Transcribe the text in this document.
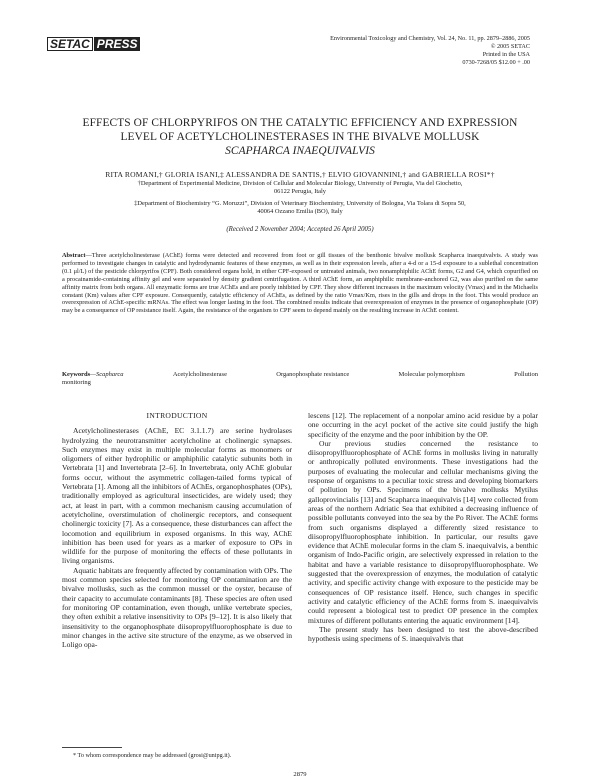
SETAC PRESS	Environmental Toxicology and Chemistry, Vol. 24, No. 11, pp. 2879–2886, 2005
© 2005 SETAC
Printed in the USA
0730-7268/05 $12.00 + .00
EFFECTS OF CHLORPYRIFOS ON THE CATALYTIC EFFICIENCY AND EXPRESSION
LEVEL OF ACETYLCHOLINESTERASES IN THE BIVALVE MOLLUSK
SCAPHARCA INAEQUIVALVIS
RITA ROMANI,† GLORIA ISANI,‡ ALESSANDRA DE SANTIS,† ELVIO GIOVANNINI,† and GABRIELLA ROSI*†
†Department of Experimental Medicine, Division of Cellular and Molecular Biology, University of Perugia, Via del Giochetto,
06122 Perugia, Italy
‡Department of Biochemistry “G. Moruzzi”, Division of Veterinary Biochemistry, University of Bologna, Via Tolara di Sopra 50,
40064 Ozzano Emilia (BO), Italy
(Received 2 November 2004; Accepted 26 April 2005)
Abstract—Three acetylcholinesterase (AChE) forms were detected and recovered from foot or gill tissues of the benthonic bivalve mollusk Scapharca inaequivalvis. A study was performed to investigate changes in catalytic and hydrodynamic features of these enzymes, as well as in their expression levels, after a 4-d or a 15-d exposure to a sublethal concentration (0.1 μl/L) of the pesticide chlorpyrifos (CPF). Both considered organs hold, in either CPF-exposed or untreated animals, two nonamphiphilic AChE forms, G2 and G4, which copurified on a procainamide-containing affinity gel and were separated by density gradient centrifugation. A third AChE form, an amphiphilic membrane-anchored G2, was also purified on the same affinity matrix from both organs. All enzymatic forms are true AChEs and are poorly inhibited by CPF. They show different increases in the maximum velocity (Vmax) and in the Michaelis constant (Km) values after CPF exposure. Consequently, catalytic efficiency of AChEs, as defined by the ratio Vmax/Km, rises in the gills and drops in the foot. This would produce an overexpression of AChE-specific mRNAs. The effect was longer lasting in the foot. The combined results indicate that overexpression of enzymes in the presence of organophosphate (OP) may be a consequence of OP resistance itself. Again, the resistance of the organism to CPF seem to depend mainly on the resulting increase in AChE content.
Keywords—Scapharca	Acetylcholinesterase	Organophosphate resistance	Molecular polymorphism	Pollution
monitoring
INTRODUCTION

Acetylcholinesterases (AChE, EC 3.1.1.7) are serine hydrolases hydrolyzing the neurotransmitter acetylcholine at cholinergic synapses. Such enzymes may exist in multiple molecular forms as monomers or oligomers of either hydrophilic or amphiphilic catalytic subunits both in Vertebrata [1] and Invertebrata [2–6]. In Invertebrata, only AChE globular forms occur, without the asymmetric collagen-tailed forms typical of Vertebrata [1]. Among all the inhibitors of AChEs, organophosphates (OPs), traditionally employed as agricultural insecticides, are widely used; they act, at least in part, with a common mechanism causing accumulation of acetylcholine, overstimulation of cholinergic receptors, and consequent cholinergic toxicity [7]. As a consequence, these disturbances can affect the locomotion and equilibrium in exposed organisms. In this way, AChE inhibition has been used for years as a marker of exposure to OPs in wildlife for the purpose of monitoring the effects of these pollutants in living organisms.

Aquatic habitats are frequently affected by contamination with OPs. The most common species selected for monitoring OP contamination are the bivalve mollusks, such as the common mussel or the oyster, because of their capacity to accumulate contaminants [8]. These species are often used for monitoring OP contamination, even though, unlike vertebrate species, they often exhibit a relative insensitivity to OPs [9–12]. It is also likely that insensitivity to the organophosphate diisopropylfluorophosphate is due to minor changes in the active site structure of the enzyme, as we observed in Loligo opa-

lescens [12]. The replacement of a nonpolar amino acid residue by a polar one occurring in the acyl pocket of the active site could justify the high specificity of the enzyme and the poor inhibition by the OP.

Our previous studies concerned the resistance to diisopropylfluorophosphate of AChE forms in mollusks living in naturally or anthropically polluted environments. These investigations had the purposes of evaluating the molecular and cellular mechanisms giving the response of organisms to a peculiar toxic stress and developing biomarkers of pollution by OPs. Specimens of the bivalve mollusks Mytilus galloprovincialis [13] and Scapharca inaequivalvis [14] were collected from areas of the northern Adriatic Sea that exhibited a decreasing influence of possible pollutants conveyed into the sea by the Po River. The AChE forms from such organisms displayed a differently sized resistance to diisopropylfluorophosphate inhibition. In particular, our results gave evidence that AChE molecular forms in the clam S. inaequivalvis, a benthic organism of Indo-Pacific origin, are selectively expressed in relation to the habitat and have a variable resistance to diisopropylfluorophosphate. We suggested that the overexpression of enzymes, the modulation of catalytic activity, and specific activity change with exposure to the pesticide may be consequences of OP resistance itself. Hence, such changes in specific activity and catalytic efficiency of the AChE forms from S. inaequivalvis could represent a biological test to predict OP presence in the complex mixtures of different pollutants entering the aquatic environment [14].

The present study has been designed to test the above-described hypothesis using specimens of S. inaequivalvis that

* To whom correspondence may be addressed (grosi@unipg.it).
2879
